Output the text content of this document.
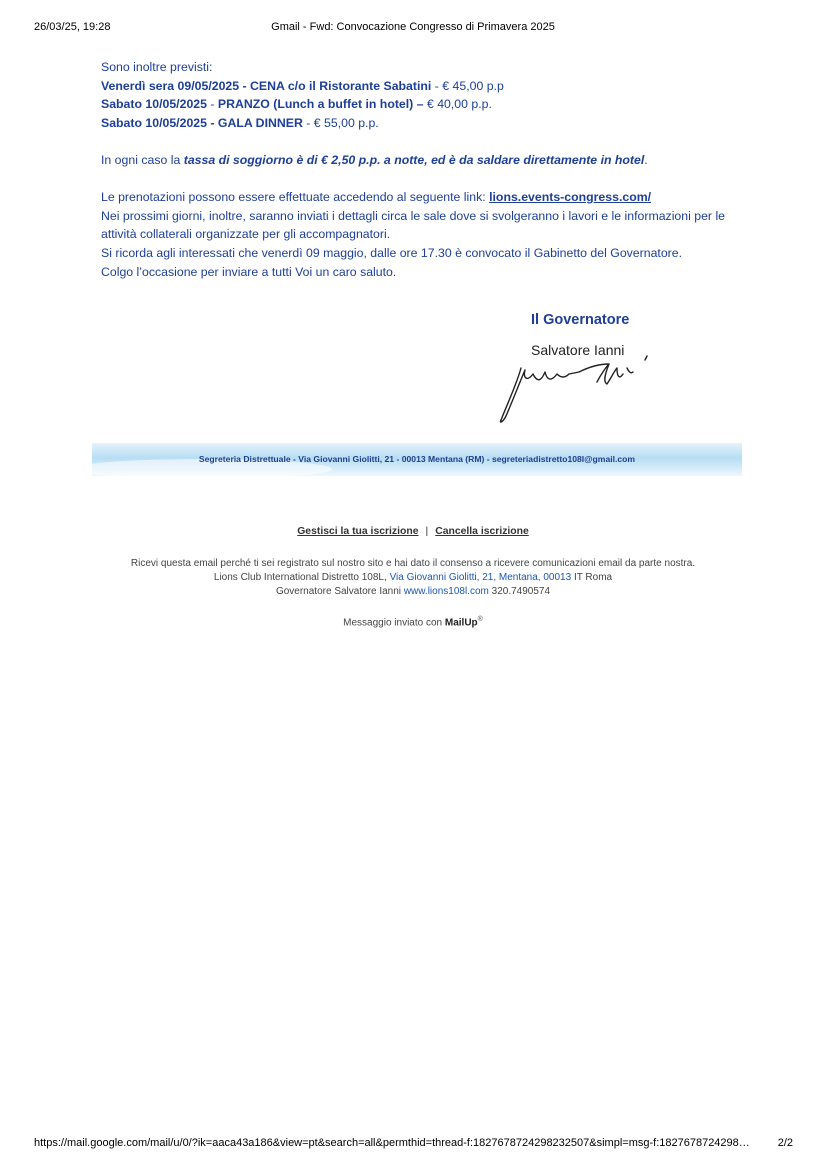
26/03/25, 19:28	Gmail - Fwd: Convocazione Congresso di Primavera 2025

Sono inoltre previsti:

Venerdì sera 09/05/2025 - CENA c/o il Ristorante Sabatini - € 45,00 p.p

Sabato 10/05/2025 - PRANZO (Lunch a buffet in hotel) – € 40,00 p.p.

Sabato 10/05/2025 - GALA DINNER - € 55,00 p.p.

In ogni caso la tassa di soggiorno è di € 2,50 p.p. a notte, ed è da saldare direttamente in hotel.

Le prenotazioni possono essere effettuate accedendo al seguente link: lions.events-congress.com/

Nei prossimi giorni, inoltre, saranno inviati i dettagli circa le sale dove si svolgeranno i lavori e le informazioni per le attività collaterali organizzate per gli accompagnatori.

Si ricorda agli interessati che venerdì 09 maggio, dalle ore 17.30 è convocato il Gabinetto del Governatore.

Colgo l’occasione per inviare a tutti Voi un caro saluto.

Il Governatore
Salvatore Ianni
Segreteria Distrettuale - Via Giovanni Giolitti, 21 - 00013 Mentana (RM) - segreteriadistretto108l@gmail.com
Gestisci la tua iscrizione | Cancella iscrizione
Ricevi questa email perché ti sei registrato sul nostro sito e hai dato il consenso a ricevere comunicazioni email da parte nostra.
Lions Club International Distretto 108L, Via Giovanni Giolitti, 21, Mentana, 00013 IT Roma
Governatore Salvatore Ianni www.lions108l.com 320.7490574
Messaggio inviato con MailUp®
https://mail.google.com/mail/u/0/?ik=aaca43a186&view=pt&search=all&permthid=thread-f:1827678724298232507&simpl=msg-f:1827678724298…	2/2
